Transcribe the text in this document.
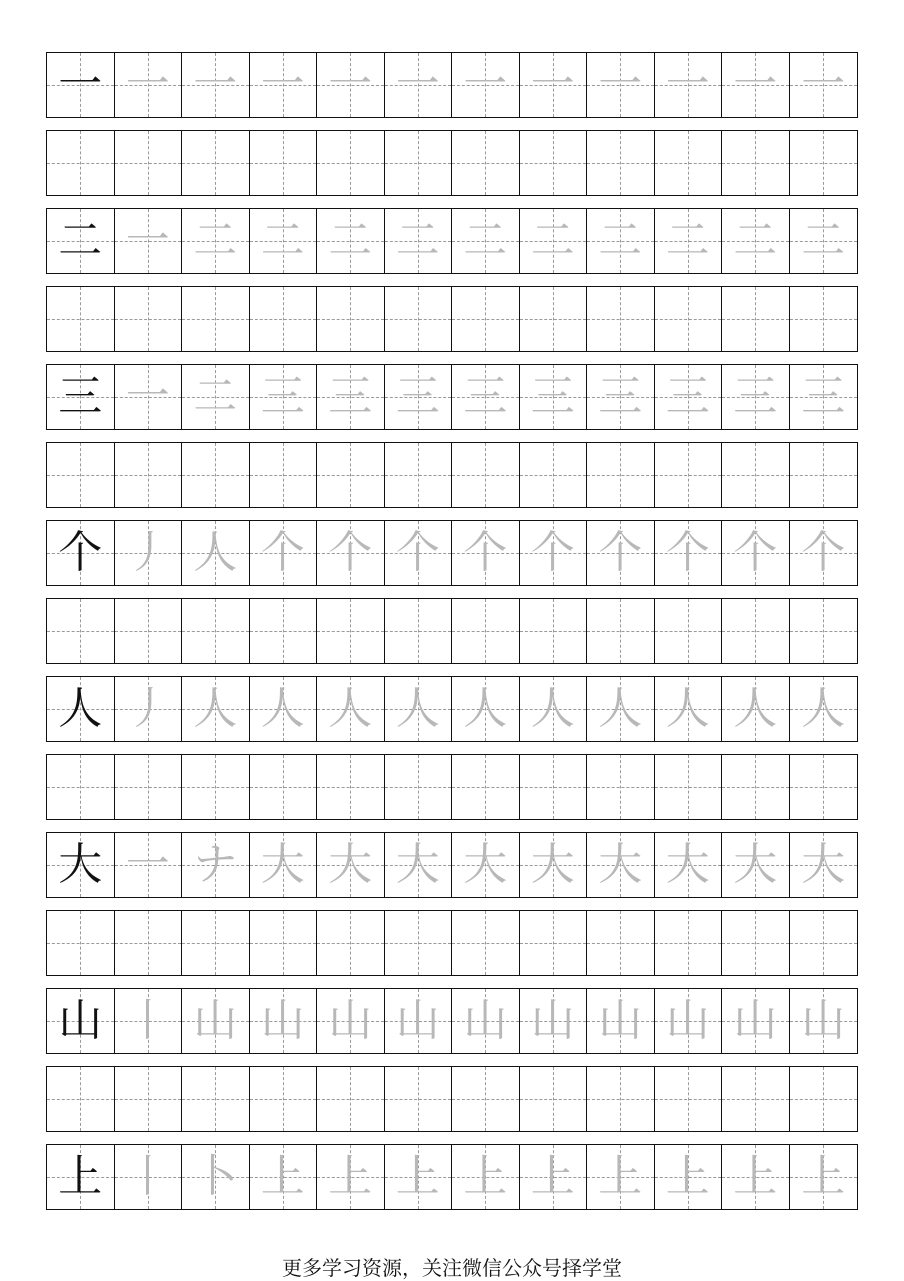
一 一 一 一 一 一 一 一 一 一 一 一
二 一 二 二 二 二 二 二 二 二 二 二
三 一 二 三 三 三 三 三 三 三 三 三
个 丿 人 个 个 个 个 个 个 个 个 个
人 丿 人 人 人 人 人 人 人 人 人 人
大 一 ナ 大 大 大 大 大 大 大 大 大
山 丨 山 山 山 山 山 山 山 山 山 山
上 丨 卜 上 上 上 上 上 上 上 上 上
更多学习资源，关注微信公众号择学堂
